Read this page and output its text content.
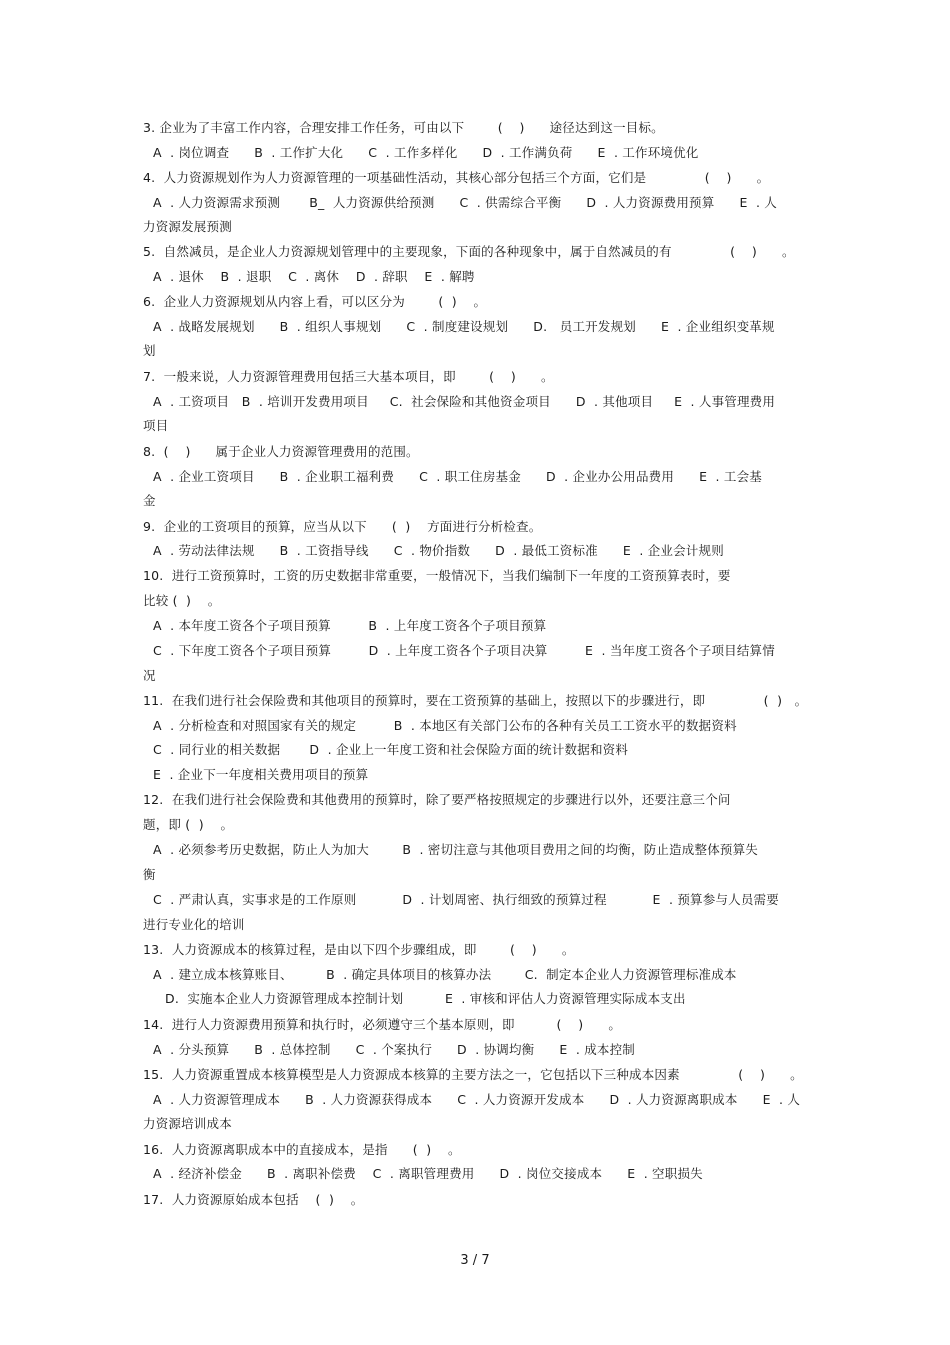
3. 企业为了丰富工作内容，合理安排工作任务，可由以下        (    )      途径达到这一目标。
A  . 岗位调查      B  . 工作扩大化      C  . 工作多样化      D  . 工作满负荷      E  . 工作环境优化
4.  人力资源规划作为人力资源管理的一项基础性活动，其核心部分包括三个方面，它们是              (    )      。
A  . 人力资源需求预测       B_  人力资源供给预测      C  . 供需综合平衡      D  . 人力资源费用预算      E  . 人
力资源发展预测
5.  自然减员，是企业人力资源规划管理中的主要现象，下面的各种现象中，属于自然减员的有              (    )      。
A  . 退休    B  . 退职    C  . 离休    D  . 辞职    E  . 解聘
6.  企业人力资源规划从内容上看，可以区分为        (  )    。
A  . 战略发展规划      B  . 组织人事规划      C  . 制度建设规划      D.   员工开发规划      E  . 企业组织变革规
划
7.  一般来说，人力资源管理费用包括三大基本项目，即        (    )      。
A  . 工资项目   B  . 培训开发费用项目     C.  社会保险和其他资金项目      D  . 其他项目     E  . 人事管理费用
项目
8.  (    )      属于企业人力资源管理费用的范围。
A  . 企业工资项目      B  . 企业职工福利费      C  . 职工住房基金      D  . 企业办公用品费用      E  . 工会基
金
9.  企业的工资项目的预算，应当从以下      (  )    方面进行分析检查。
A  . 劳动法律法规      B  . 工资指导线      C  . 物价指数      D  . 最低工资标准      E  . 企业会计规则
10.  进行工资预算时，工资的历史数据非常重要，一般情况下，当我们编制下一年度的工资预算表时，要
比较 (  )    。
A  . 本年度工资各个子项目预算         B  . 上年度工资各个子项目预算
C  . 下年度工资各个子项目预算         D  . 上年度工资各个子项目决算         E  . 当年度工资各个子项目结算情
况
11.  在我们进行社会保险费和其他项目的预算时，要在工资预算的基础上，按照以下的步骤进行，即              (  )   。
A  . 分析检查和对照国家有关的规定         B  . 本地区有关部门公布的各种有关员工工资水平的数据资料
C  . 同行业的相关数据       D  . 企业上一年度工资和社会保险方面的统计数据和资料
E  . 企业下一年度相关费用项目的预算
12.  在我们进行社会保险费和其他费用的预算时，除了要严格按照规定的步骤进行以外，还要注意三个问
题，即 (  )    。
A  . 必须参考历史数据，防止人为加大        B  . 密切注意与其他项目费用之间的均衡，防止造成整体预算失
衡
C  . 严肃认真，实事求是的工作原则           D  . 计划周密、执行细致的预算过程           E  . 预算参与人员需要
进行专业化的培训
13.  人力资源成本的核算过程，是由以下四个步骤组成，即        (    )      。
A  . 建立成本核算账目、        B  . 确定具体项目的核算办法        C.  制定本企业人力资源管理标准成本
D.  实施本企业人力资源管理成本控制计划          E  . 审核和评估人力资源管理实际成本支出
14.  进行人力资源费用预算和执行时，必须遵守三个基本原则，即          (    )      。
A  . 分头预算      B  . 总体控制      C  . 个案执行      D  . 协调均衡      E  . 成本控制
15.  人力资源重置成本核算模型是人力资源成本核算的主要方法之一，它包括以下三种成本因素              (    )      。
A  . 人力资源管理成本      B  . 人力资源获得成本      C  . 人力资源开发成本      D  . 人力资源离职成本      E  . 人
力资源培训成本
16.  人力资源离职成本中的直接成本，是指      (  )    。
A  . 经济补偿金      B  . 离职补偿费    C  . 离职管理费用      D  . 岗位交接成本      E  . 空职损失
17.  人力资源原始成本包括    (  )    。
3 / 7
